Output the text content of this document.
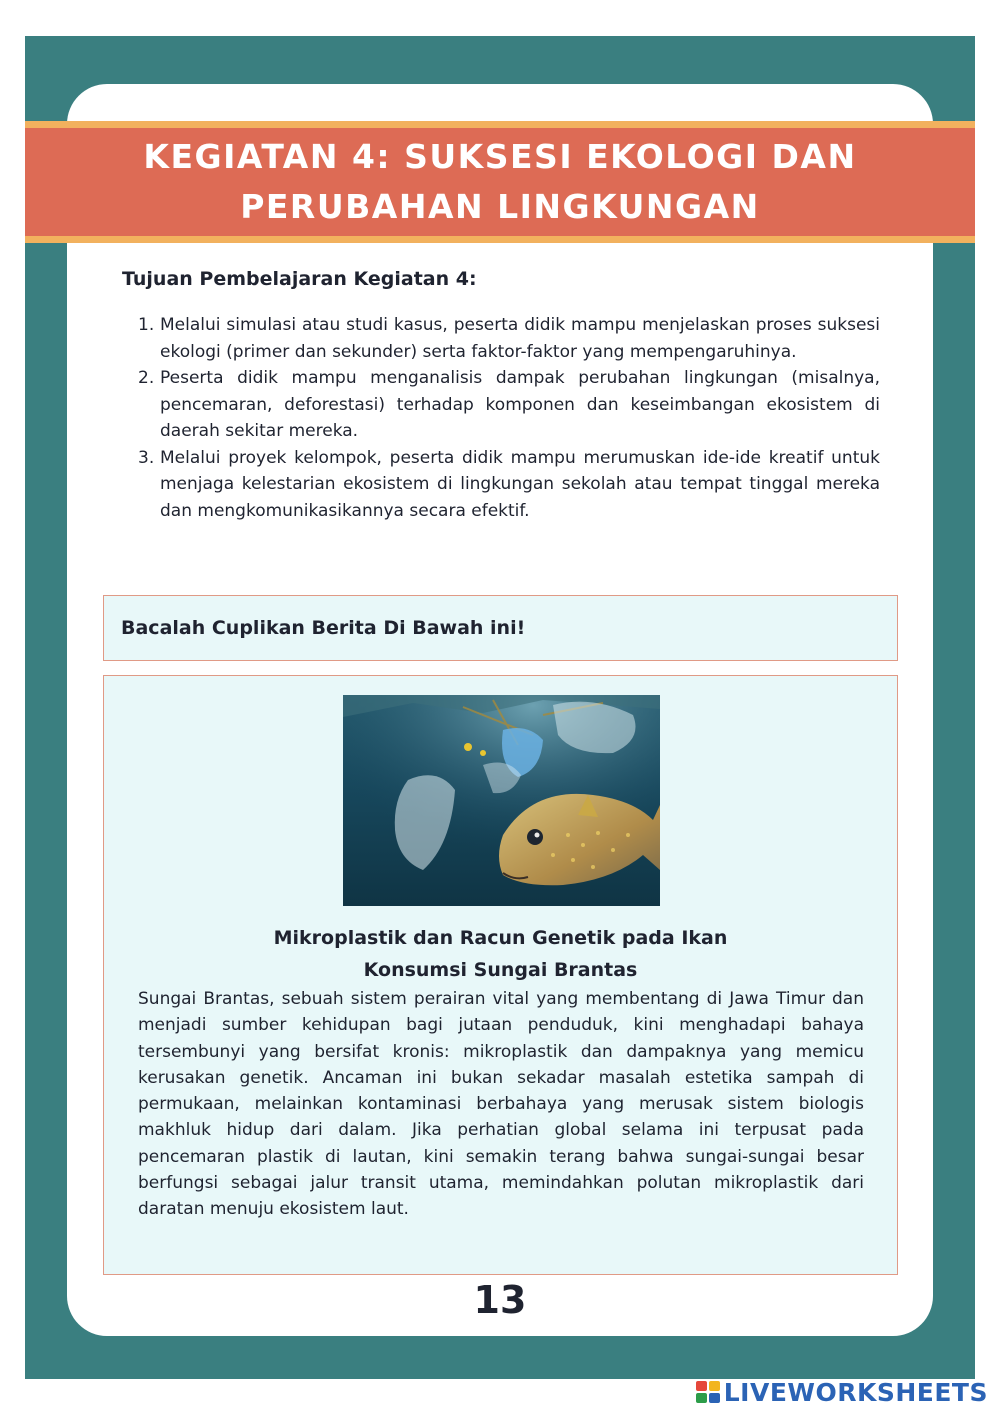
KEGIATAN 4: SUKSESI EKOLOGI DAN
PERUBAHAN LINGKUNGAN
Tujuan Pembelajaran Kegiatan 4:
1. Melalui simulasi atau studi kasus, peserta didik mampu menjelaskan proses suksesi ekologi (primer dan sekunder) serta faktor-faktor yang mempengaruhinya.
2. Peserta didik mampu menganalisis dampak perubahan lingkungan (misalnya, pencemaran, deforestasi) terhadap komponen dan keseimbangan ekosistem di daerah sekitar mereka.
3. Melalui proyek kelompok, peserta didik mampu merumuskan ide-ide kreatif untuk menjaga kelestarian ekosistem di lingkungan sekolah atau tempat tinggal mereka dan mengkomunikasikannya secara efektif.
Bacalah Cuplikan Berita Di Bawah ini!
Mikroplastik dan Racun Genetik pada Ikan
Konsumsi Sungai Brantas

Sungai Brantas, sebuah sistem perairan vital yang membentang di Jawa Timur dan menjadi sumber kehidupan bagi jutaan penduduk, kini menghadapi bahaya tersembunyi yang bersifat kronis: mikroplastik dan dampaknya yang memicu kerusakan genetik. Ancaman ini bukan sekadar masalah estetika sampah di permukaan, melainkan kontaminasi berbahaya yang merusak sistem biologis makhluk hidup dari dalam. Jika perhatian global selama ini terpusat pada pencemaran plastik di lautan, kini semakin terang bahwa sungai-sungai besar berfungsi sebagai jalur transit utama, memindahkan polutan mikroplastik dari daratan menuju ekosistem laut.

13
LIVEWORKSHEETS
